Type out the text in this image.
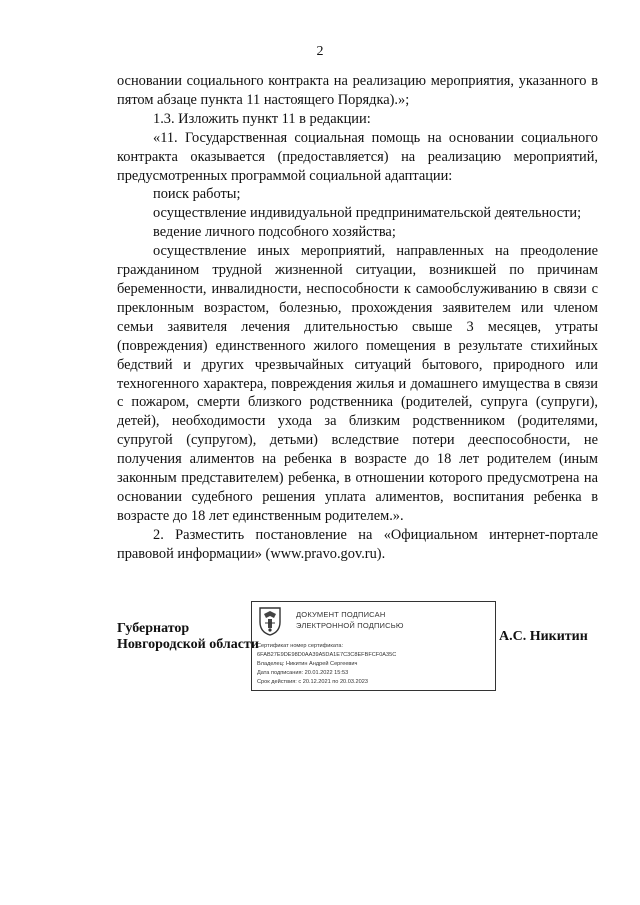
2

основании социального контракта на реализацию мероприятия, указанного в пятом абзаце пункта 11 настоящего Порядка).»;

1.3. Изложить пункт 11 в редакции:

«11. Государственная социальная помощь на основании социального контракта оказывается (предоставляется) на реализацию мероприятий, предусмотренных программой социальной адаптации:

поиск работы;

осуществление индивидуальной предпринимательской деятельности;

ведение личного подсобного хозяйства;

осуществление иных мероприятий, направленных на преодоление гражданином трудной жизненной ситуации, возникшей по причинам беременности, инвалидности, неспособности к самообслуживанию в связи с преклонным возрастом, болезнью, прохождения заявителем или членом семьи заявителя лечения длительностью свыше 3 месяцев, утраты (повреждения) единственного жилого помещения в результате стихийных бедствий и других чрезвычайных ситуаций бытового, природного или техногенного характера, повреждения жилья и домашнего имущества в связи с пожаром, смерти близкого родственника (родителей, супруга (супруги), детей), необходимости ухода за близким родственником (родителями, супругой (супругом), детьми) вследствие потери дееспособности, не получения алиментов на ребенка в возрасте до 18 лет родителем (иным законным представителем) ребенка, в отношении которого предусмотрена на основании судебного решения уплата алиментов, воспитания ребенка в возрасте до 18 лет единственным родителем.».

2. Разместить постановление на «Официальном интернет-портале правовой информации» (www.pravo.gov.ru).

Губернатор
Новгородской области
ДОКУМЕНТ ПОДПИСАН
ЭЛЕКТРОННОЙ ПОДПИСЬЮ
Сертификат номер сертификата:
6FAB27E9DE98D0AA39A5DA1E7C3C8EFBFCF0A35C
Владелец: Никитин Андрей Сергеевич
Дата подписания: 20.01.2022 15:53
Срок действия: с 20.12.2021 по 20.03.2023
А.С. Никитин
